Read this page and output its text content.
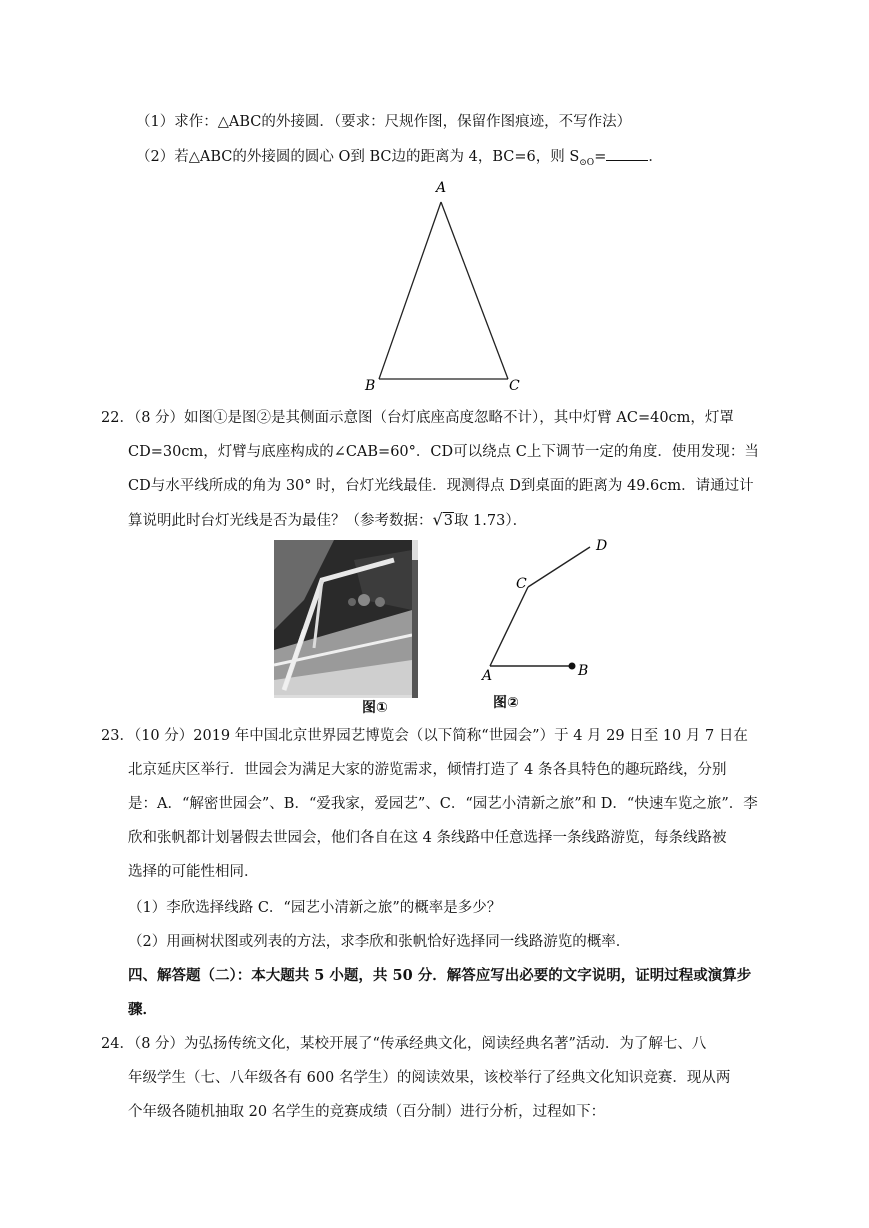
（1）求作：△ABC的外接圆．（要求：尺规作图，保留作图痕迹，不写作法）
（2）若△ABC的外接圆的圆心 O到 BC边的距离为 4，BC=6，则 $S_{⊙O}=$	．
A
B	C
22．（8 分）如图①是图②是其侧面示意图（台灯底座高度忽略不计），其中灯臂 AC=40cm，灯罩
CD=30cm，灯臂与底座构成的∠CAB=60°．CD可以绕点 C上下调节一定的角度．使用发现：当
CD与水平线所成的角为 30° 时，台灯光线最佳．现测得点 D到桌面的距离为 49.6cm．请通过计
算说明此时台灯光线是否为最佳？（参考数据：√3取 1.73）．
图①
D
C
A	B
图②
23．（10 分）2019 年中国北京世界园艺博览会（以下简称“世园会”）于 4 月 29 日至 10 月 7 日在
北京延庆区举行．世园会为满足大家的游览需求，倾情打造了 4 条各具特色的趣玩路线，分别
是：A．“解密世园会”、B．“爱我家，爱园艺”、C．“园艺小清新之旅”和 D．“快速车览之旅”．李
欣和张帆都计划暑假去世园会，他们各自在这 4 条线路中任意选择一条线路游览，每条线路被
选择的可能性相同．
（1）李欣选择线路 C．“园艺小清新之旅”的概率是多少？
（2）用画树状图或列表的方法，求李欣和张帆恰好选择同一线路游览的概率．
四、解答题（二）：本大题共 5 小题，共 50 分．解答应写出必要的文字说明，证明过程或演算步
骤．
24．（8 分）为弘扬传统文化，某校开展了“传承经典文化，阅读经典名著”活动．为了解七、八
年级学生（七、八年级各有 600 名学生）的阅读效果，该校举行了经典文化知识竞赛．现从两
个年级各随机抽取 20 名学生的竞赛成绩（百分制）进行分析，过程如下：
